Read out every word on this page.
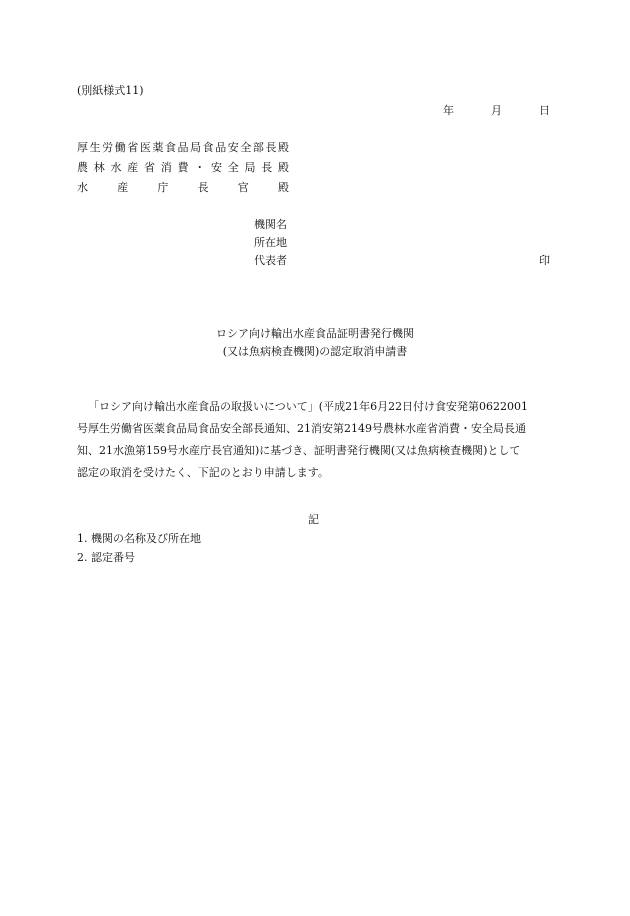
(別紙様式11)
年	月	日
厚 生 労 働 省 医 薬 食 品 局 食 品 安 全 部 長 殿
農 林 水 産 省 消 費 ・ 安 全 局 長 殿
水	産	庁	長	官	殿
機関名
所在地
代表者	印
ロシア向け輸出水産食品証明書発行機関
(又は魚病検査機関)の認定取消申請書
「ロシア向け輸出水産食品の取扱いについて」(平成21年6月22日付け食安発第0622001
号厚生労働省医薬食品局食品安全部長通知、21消安第2149号農林水産省消費・安全局長通
知、21水漁第159号水産庁長官通知)に基づき、証明書発行機関(又は魚病検査機関)として
認定の取消を受けたく、下記のとおり申請します。
記
1. 機関の名称及び所在地
2. 認定番号
